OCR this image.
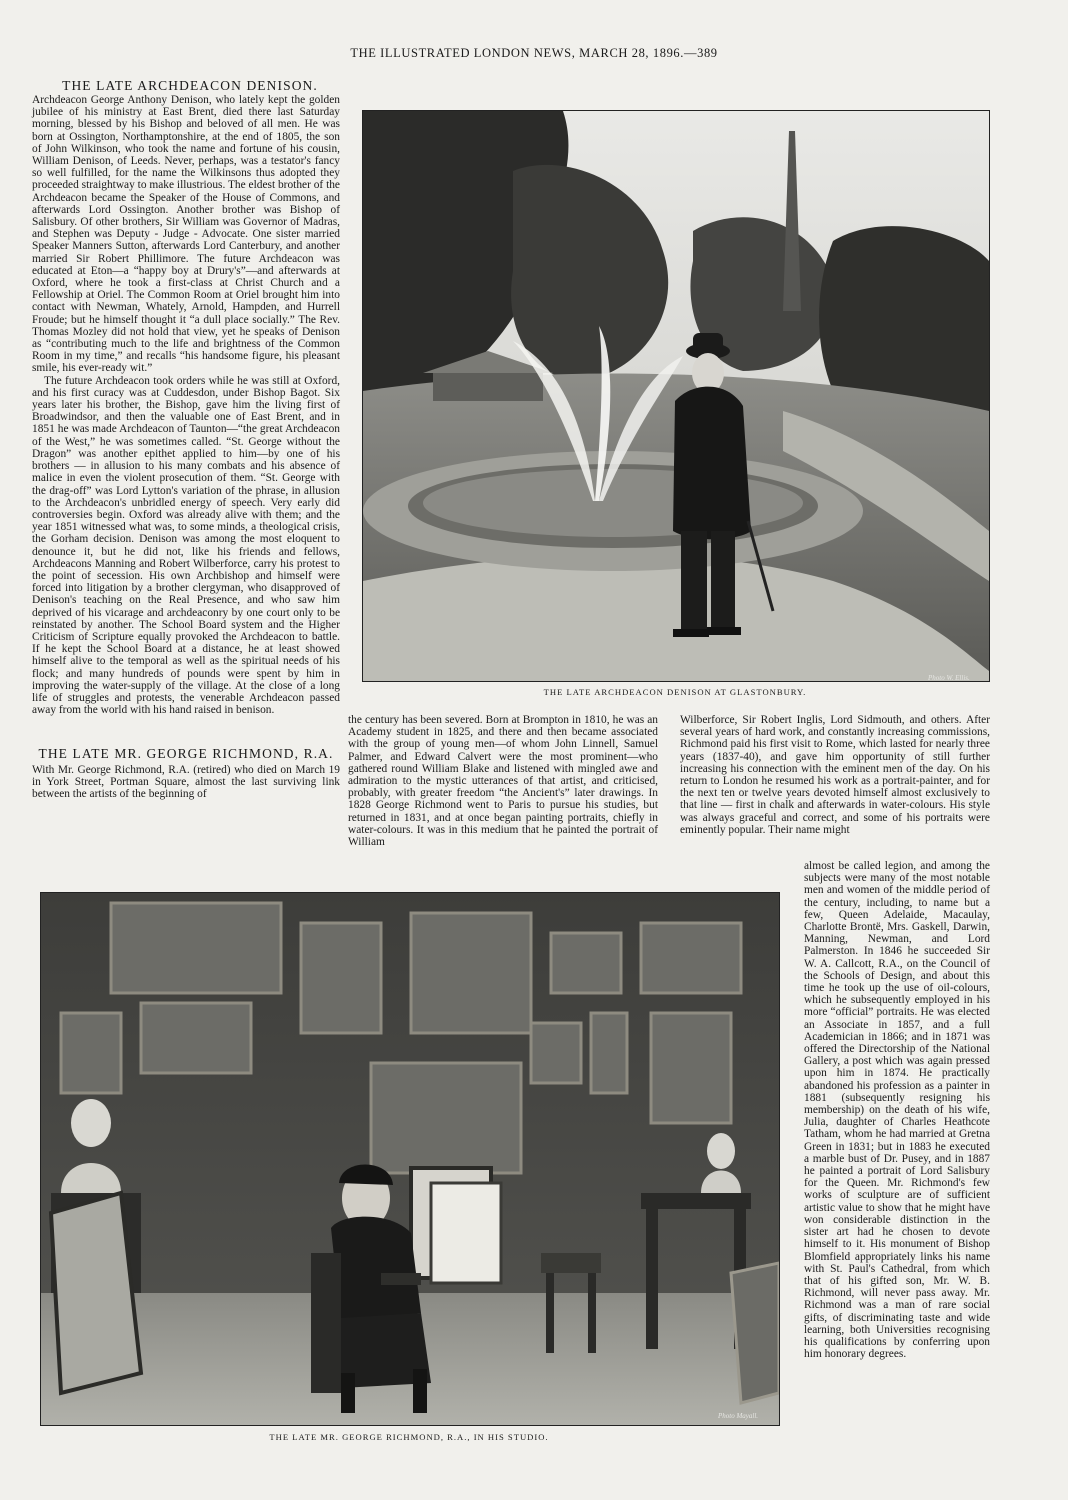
THE ILLUSTRATED LONDON NEWS, MARCH 28, 1896.—389
THE LATE ARCHDEACON DENISON.

Archdeacon George Anthony Denison, who lately kept the golden jubilee of his ministry at East Brent, died there last Saturday morning, blessed by his Bishop and beloved of all men. He was born at Ossington, Northamptonshire, at the end of 1805, the son of John Wilkinson, who took the name and fortune of his cousin, William Denison, of Leeds. Never, perhaps, was a testator's fancy so well fulfilled, for the name the Wilkinsons thus adopted they proceeded straightway to make illustrious. The eldest brother of the Archdeacon became the Speaker of the House of Commons, and afterwards Lord Ossington. Another brother was Bishop of Salisbury. Of other brothers, Sir William was Governor of Madras, and Stephen was Deputy - Judge - Advocate. One sister married Speaker Manners Sutton, afterwards Lord Canterbury, and another married Sir Robert Phillimore. The future Archdeacon was educated at Eton—a “happy boy at Drury's”—and afterwards at Oxford, where he took a first-class at Christ Church and a Fellowship at Oriel. The Common Room at Oriel brought him into contact with Newman, Whately, Arnold, Hampden, and Hurrell Froude; but he himself thought it “a dull place socially.” The Rev. Thomas Mozley did not hold that view, yet he speaks of Denison as “contributing much to the life and brightness of the Common Room in my time,” and recalls “his handsome figure, his pleasant smile, his ever-ready wit.”

The future Archdeacon took orders while he was still at Oxford, and his first curacy was at Cuddesdon, under Bishop Bagot. Six years later his brother, the Bishop, gave him the living first of Broadwindsor, and then the valuable one of East Brent, and in 1851 he was made Archdeacon of Taunton—“the great Archdeacon of the West,” he was sometimes called. “St. George without the Dragon” was another epithet applied to him—by one of his brothers — in allusion to his many combats and his absence of malice in even the violent prosecution of them. “St. George with the drag-off” was Lord Lytton's variation of the phrase, in allusion to the Archdeacon's unbridled energy of speech. Very early did controversies begin. Oxford was already alive with them; and the year 1851 witnessed what was, to some minds, a theological crisis, the Gorham decision. Denison was among the most eloquent to denounce it, but he did not, like his friends and fellows, Archdeacons Manning and Robert Wilberforce, carry his protest to the point of secession. His own Archbishop and himself were forced into litigation by a brother clergyman, who disapproved of Denison's teaching on the Real Presence, and who saw him deprived of his vicarage and archdeaconry by one court only to be reinstated by another. The School Board system and the Higher Criticism of Scripture equally provoked the Archdeacon to battle. If he kept the School Board at a distance, he at least showed himself alive to the temporal as well as the spiritual needs of his flock; and many hundreds of pounds were spent by him in improving the water-supply of the village. At the close of a long life of struggles and protests, the venerable Archdeacon passed away from the world with his hand raised in benison.

THE LATE ARCHDEACON DENISON AT GLASTONBURY.
Photo W. Ellis.
THE LATE MR. GEORGE RICHMOND, R.A.

With Mr. George Richmond, R.A. (retired) who died on March 19 in York Street, Portman Square, almost the last surviving link between the artists of the beginning of

the century has been severed. Born at Brompton in 1810, he was an Academy student in 1825, and there and then became associated with the group of young men—of whom John Linnell, Samuel Palmer, and Edward Calvert were the most prominent—who gathered round William Blake and listened with mingled awe and admiration to the mystic utterances of that artist, and criticised, probably, with greater freedom “the Ancient's” later drawings. In 1828 George Richmond went to Paris to pursue his studies, but returned in 1831, and at once began painting portraits, chiefly in water-colours. It was in this medium that he painted the portrait of William

Wilberforce, Sir Robert Inglis, Lord Sidmouth, and others. After several years of hard work, and constantly increasing commissions, Richmond paid his first visit to Rome, which lasted for nearly three years (1837-40), and gave him opportunity of still further increasing his connection with the eminent men of the day. On his return to London he resumed his work as a portrait-painter, and for the next ten or twelve years devoted himself almost exclusively to that line — first in chalk and afterwards in water-colours. His style was always graceful and correct, and some of his portraits were eminently popular. Their name might

almost be called legion, and among the subjects were many of the most notable men and women of the middle period of the century, including, to name but a few, Queen Adelaide, Macaulay, Charlotte Brontë, Mrs. Gaskell, Darwin, Manning, Newman, and Lord Palmerston. In 1846 he succeeded Sir W. A. Callcott, R.A., on the Council of the Schools of Design, and about this time he took up the use of oil-colours, which he subsequently employed in his more “official” portraits. He was elected an Associate in 1857, and a full Academician in 1866; and in 1871 was offered the Directorship of the National Gallery, a post which was again pressed upon him in 1874. He practically abandoned his profession as a painter in 1881 (subsequently resigning his membership) on the death of his wife, Julia, daughter of Charles Heathcote Tatham, whom he had married at Gretna Green in 1831; but in 1883 he executed a marble bust of Dr. Pusey, and in 1887 he painted a portrait of Lord Salisbury for the Queen. Mr. Richmond's few works of sculpture are of sufficient artistic value to show that he might have won considerable distinction in the sister art had he chosen to devote himself to it. His monument of Bishop Blomfield appropriately links his name with St. Paul's Cathedral, from which that of his gifted son, Mr. W. B. Richmond, will never pass away. Mr. Richmond was a man of rare social gifts, of discriminating taste and wide learning, both Universities recognising his qualifications by conferring upon him honorary degrees.

THE LATE MR. GEORGE RICHMOND, R.A., IN HIS STUDIO.
Photo Mayall.
